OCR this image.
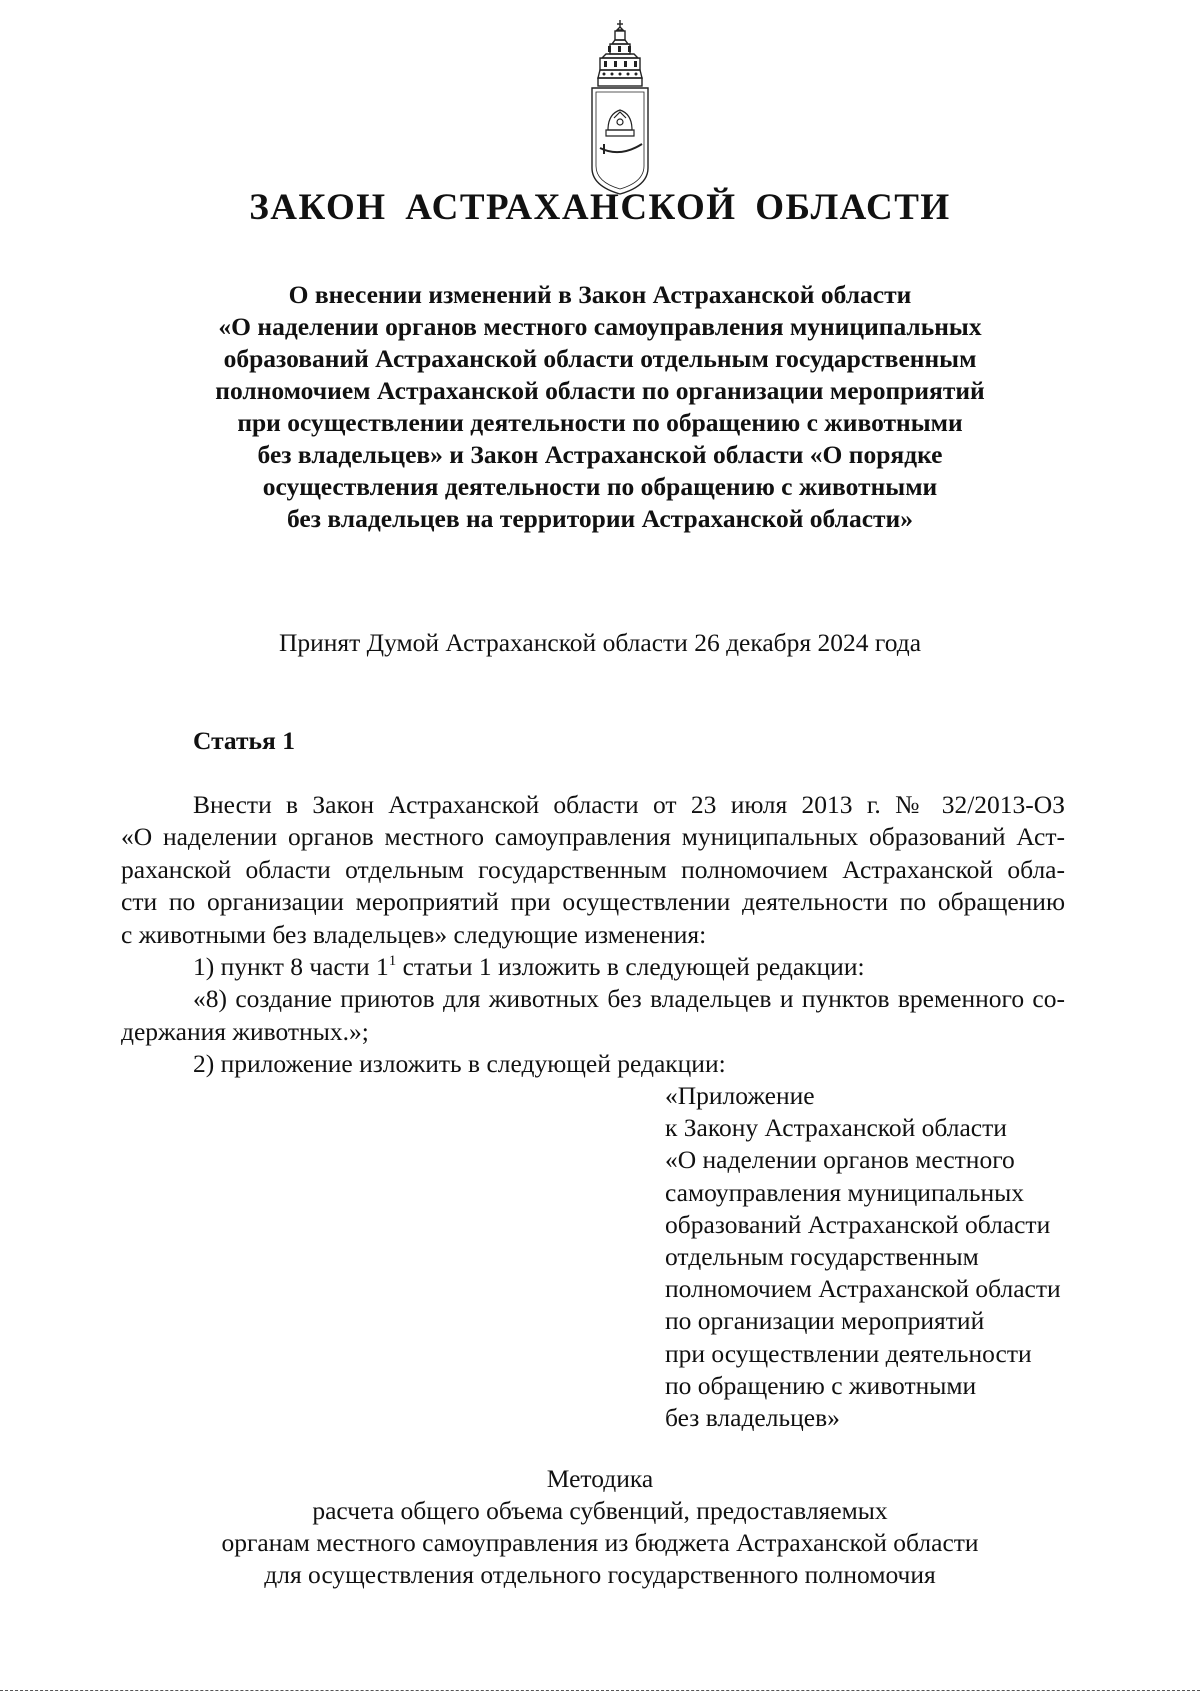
ЗАКОН АСТРАХАНСКОЙ ОБЛАСТИ
О внесении изменений в Закон Астраханской области
«О наделении органов местного самоуправления муниципальных
образований Астраханской области отдельным государственным
полномочием Астраханской области по организации мероприятий
при осуществлении деятельности по обращению с животными
без владельцев» и Закон Астраханской области «О порядке
осуществления деятельности по обращению с животными
без владельцев на территории Астраханской области»
Принят Думой Астраханской области 26 декабря 2024 года
Статья 1
Внести в Закон Астраханской области от 23 июля 2013 г. № 32/2013-ОЗ
«О наделении органов местного самоуправления муниципальных образований Аст-
раханской области отдельным государственным полномочием Астраханской обла-
сти по организации мероприятий при осуществлении деятельности по обращению
с животными без владельцев» следующие изменения:
1) пункт 8 части $1^1$ статьи 1 изложить в следующей редакции:
«8) создание приютов для животных без владельцев и пунктов временного со-
держания животных.»;
2) приложение изложить в следующей редакции:
«Приложение
к Закону Астраханской области
«О наделении органов местного
самоуправления муниципальных
образований Астраханской области
отдельным государственным
полномочием Астраханской области
по организации мероприятий
при осуществлении деятельности
по обращению с животными
без владельцев»
Методика
расчета общего объема субвенций, предоставляемых
органам местного самоуправления из бюджета Астраханской области
для осуществления отдельного государственного полномочия
